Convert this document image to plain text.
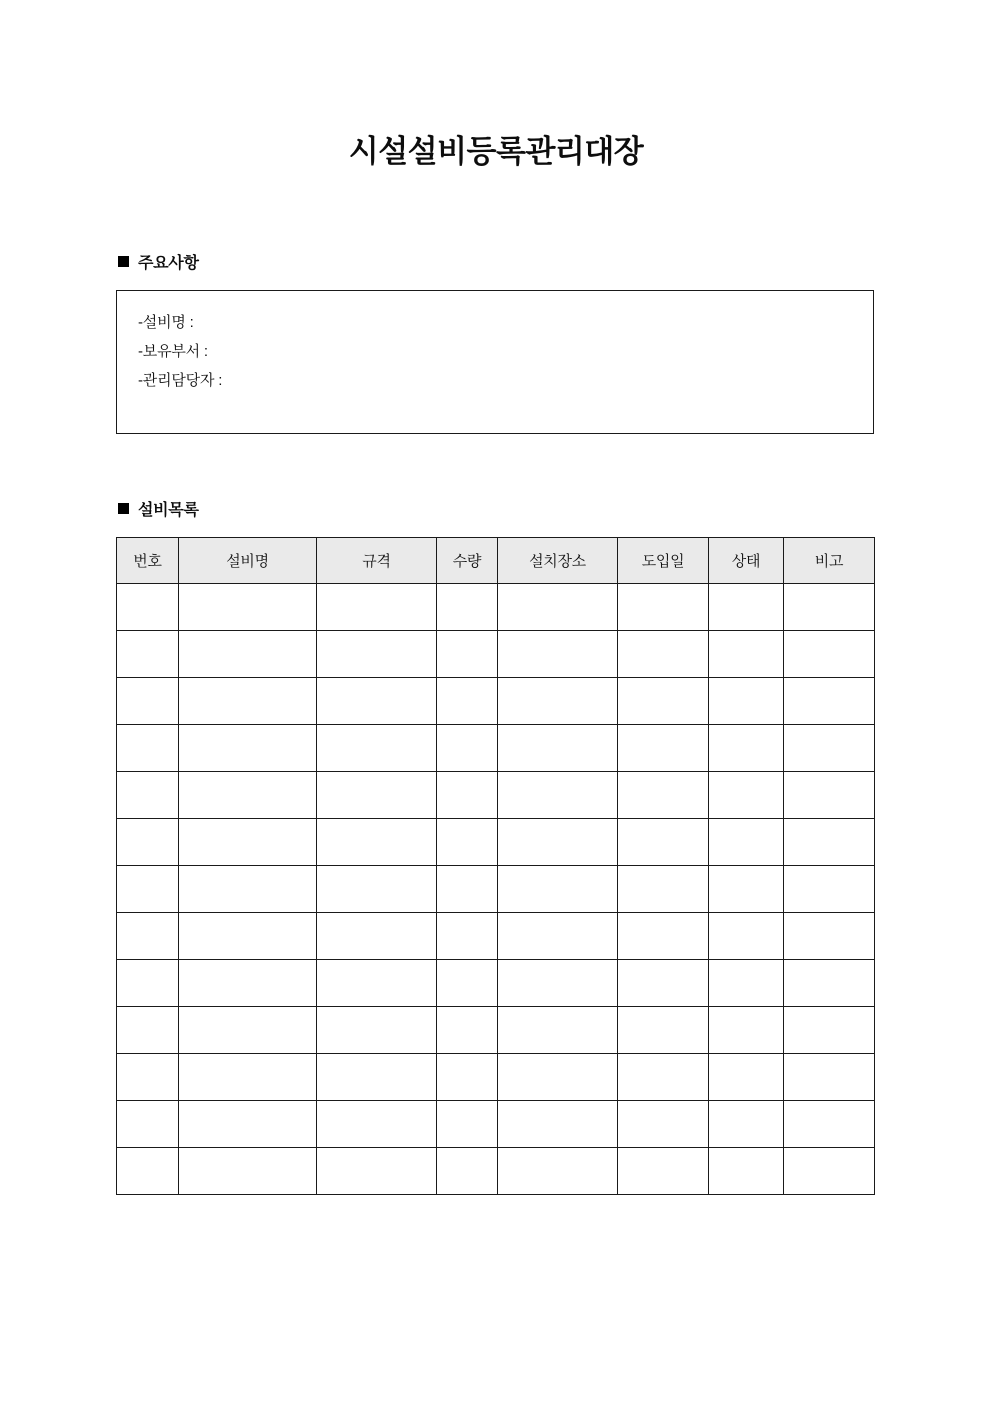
시설설비등록관리대장
주요사항
-설비명 :
-보유부서 :
-관리담당자 :
설비목록
번호	설비명	규격	수량	설치장소	도입일	상태	비고
